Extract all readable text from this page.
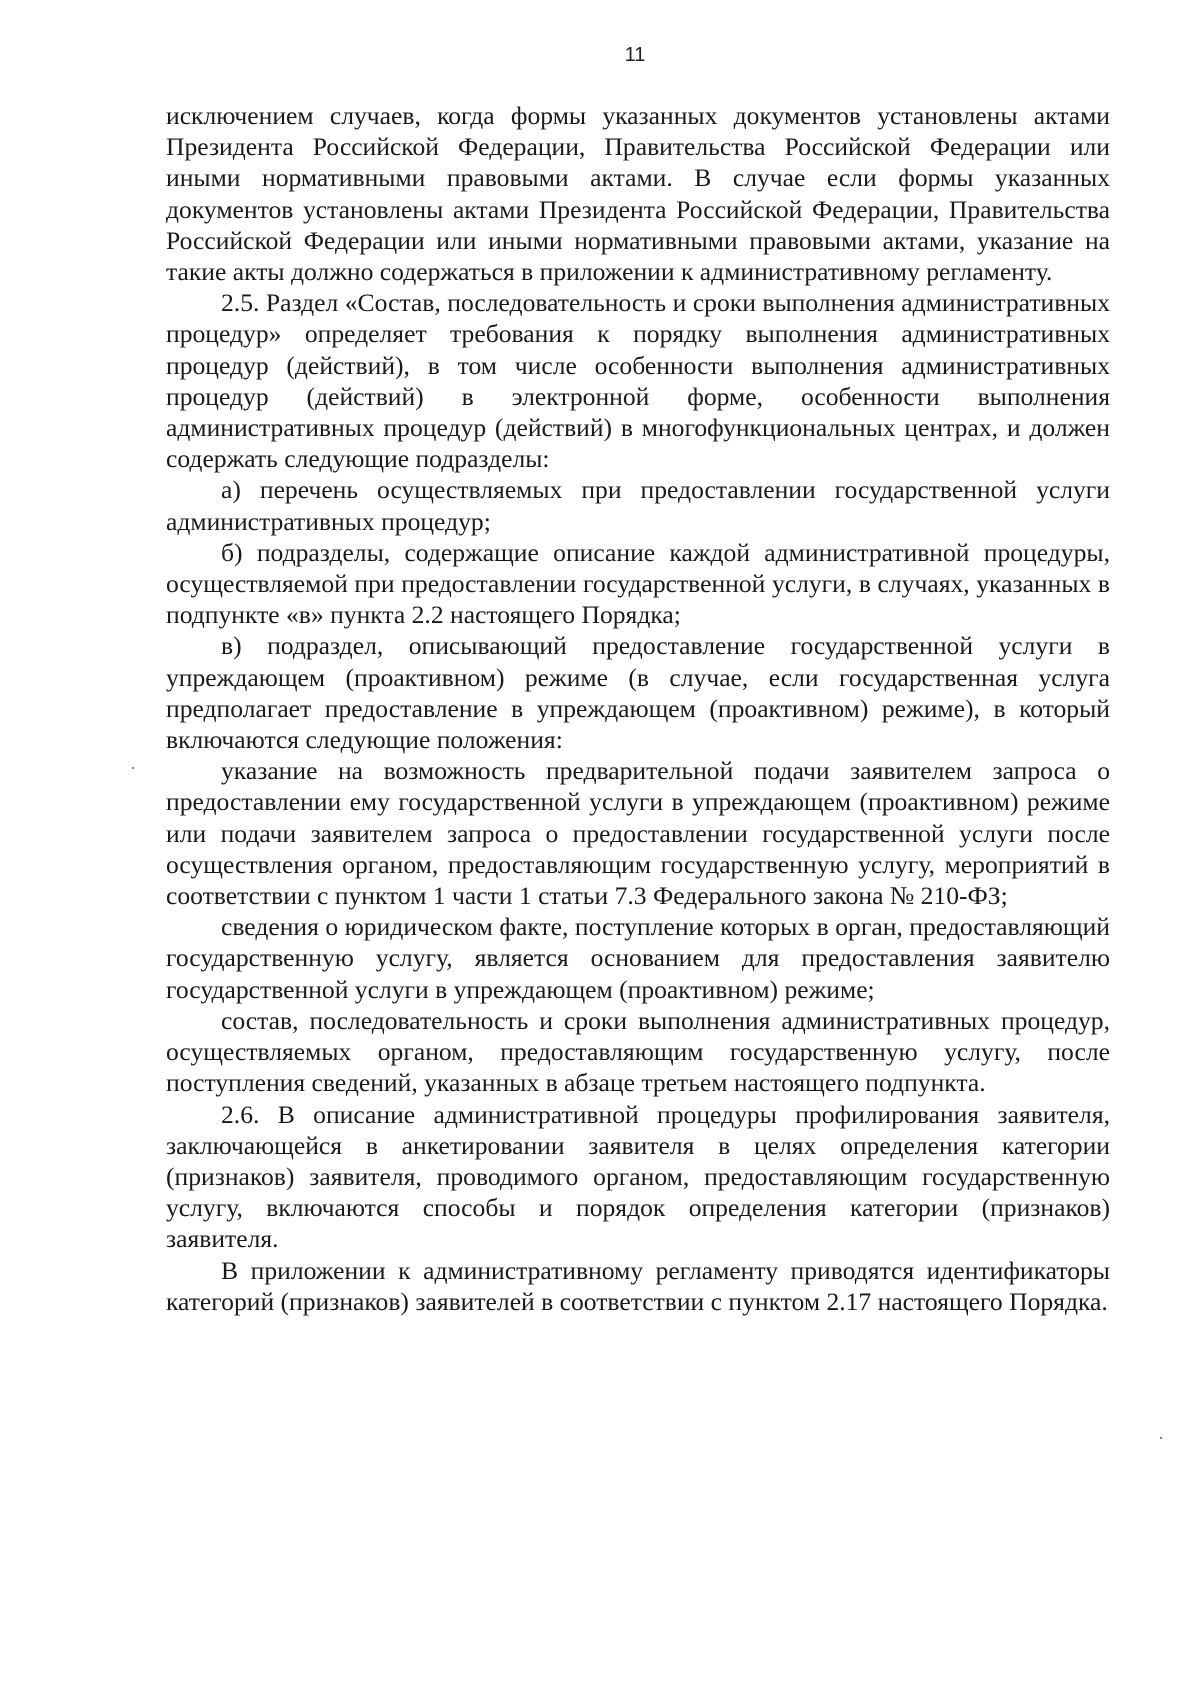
11

исключением случаев, когда формы указанных документов установлены актами Президента Российской Федерации, Правительства Российской Федерации или иными нормативными правовыми актами. В случае если формы указанных документов установлены актами Президента Российской Федерации, Правительства Российской Федерации или иными нормативными правовыми актами, указание на такие акты должно содержаться в приложении к административному регламенту.

2.5. Раздел «Состав, последовательность и сроки выполнения административных процедур» определяет требования к порядку выполнения административных процедур (действий), в том числе особенности выполнения административных процедур (действий) в электронной форме, особенности выполнения административных процедур (действий) в многофункциональных центрах, и должен содержать следующие подразделы:

а) перечень осуществляемых при предоставлении государственной услуги административных процедур;

б) подразделы, содержащие описание каждой административной процедуры, осуществляемой при предоставлении государственной услуги, в случаях, указанных в подпункте «в» пункта 2.2 настоящего Порядка;

в) подраздел, описывающий предоставление государственной услуги в упреждающем (проактивном) режиме (в случае, если государственная услуга предполагает предоставление в упреждающем (проактивном) режиме), в который включаются следующие положения:

указание на возможность предварительной подачи заявителем запроса о предоставлении ему государственной услуги в упреждающем (проактивном) режиме или подачи заявителем запроса о предоставлении государственной услуги после осуществления органом, предоставляющим государственную услугу, мероприятий в соответствии с пунктом 1 части 1 статьи 7.3 Федерального закона № 210-ФЗ;

сведения о юридическом факте, поступление которых в орган, предоставляющий государственную услугу, является основанием для предоставления заявителю государственной услуги в упреждающем (проактивном) режиме;

состав, последовательность и сроки выполнения административных процедур, осуществляемых органом, предоставляющим государственную услугу, после поступления сведений, указанных в абзаце третьем настоящего подпункта.

2.6. В описание административной процедуры профилирования заявителя, заключающейся в анкетировании заявителя в целях определения категории (признаков) заявителя, проводимого органом, предоставляющим государственную услугу, включаются способы и порядок определения категории (признаков) заявителя.

В приложении к административному регламенту приводятся идентификаторы категорий (признаков) заявителей в соответствии с пунктом 2.17 настоящего Порядка.
